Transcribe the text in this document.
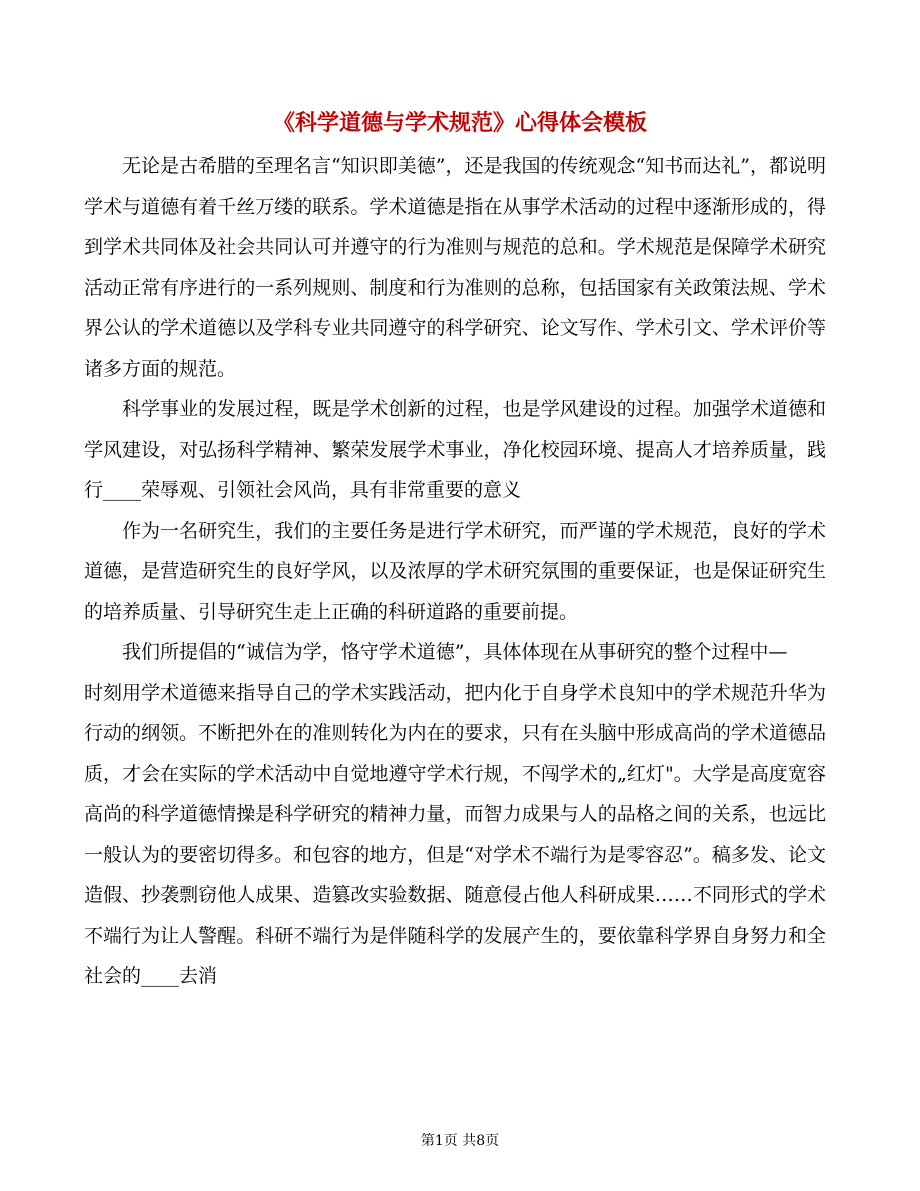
《科学道德与学术规范》心得体会模板

无论是古希腊的至理名言“知识即美德”，还是我国的传统观念“知书而达礼”，都说明学术与道德有着千丝万缕的联系。学术道德是指在从事学术活动的过程中逐渐形成的，得到学术共同体及社会共同认可并遵守的行为准则与规范的总和。学术规范是保障学术研究活动正常有序进行的一系列规则、制度和行为准则的总称，包括国家有关政策法规、学术界公认的学术道德以及学科专业共同遵守的科学研究、论文写作、学术引文、学术评价等诸多方面的规范。

科学事业的发展过程，既是学术创新的过程，也是学风建设的过程。加强学术道德和学风建设，对弘扬科学精神、繁荣发展学术事业，净化校园环境、提高人才培养质量，践行____荣辱观、引领社会风尚，具有非常重要的意义

作为一名研究生，我们的主要任务是进行学术研究，而严谨的学术规范，良好的学术道德，是营造研究生的良好学风，以及浓厚的学术研究氛围的重要保证，也是保证研究生的培养质量、引导研究生走上正确的科研道路的重要前提。

我们所提倡的“诚信为学，恪守学术道德”，具体体现在从事研究的整个过程中—

时刻用学术道德来指导自己的学术实践活动，把内化于自身学术良知中的学术规范升华为行动的纲领。不断把外在的准则转化为内在的要求，只有在头脑中形成高尚的学术道德品质，才会在实际的学术活动中自觉地遵守学术行规，不闯学术的„红灯"。大学是高度宽容高尚的科学道德情操是科学研究的精神力量，而智力成果与人的品格之间的关系，也远比一般认为的要密切得多。和包容的地方，但是“对学术不端行为是零容忍”。稿多发、论文造假、抄袭剽窃他人成果、造篡改实验数据、随意侵占他人科研成果……不同形式的学术不端行为让人警醒。科研不端行为是伴随科学的发展产生的，要依靠科学界自身努力和全社会的____去消

第1页 共8页
